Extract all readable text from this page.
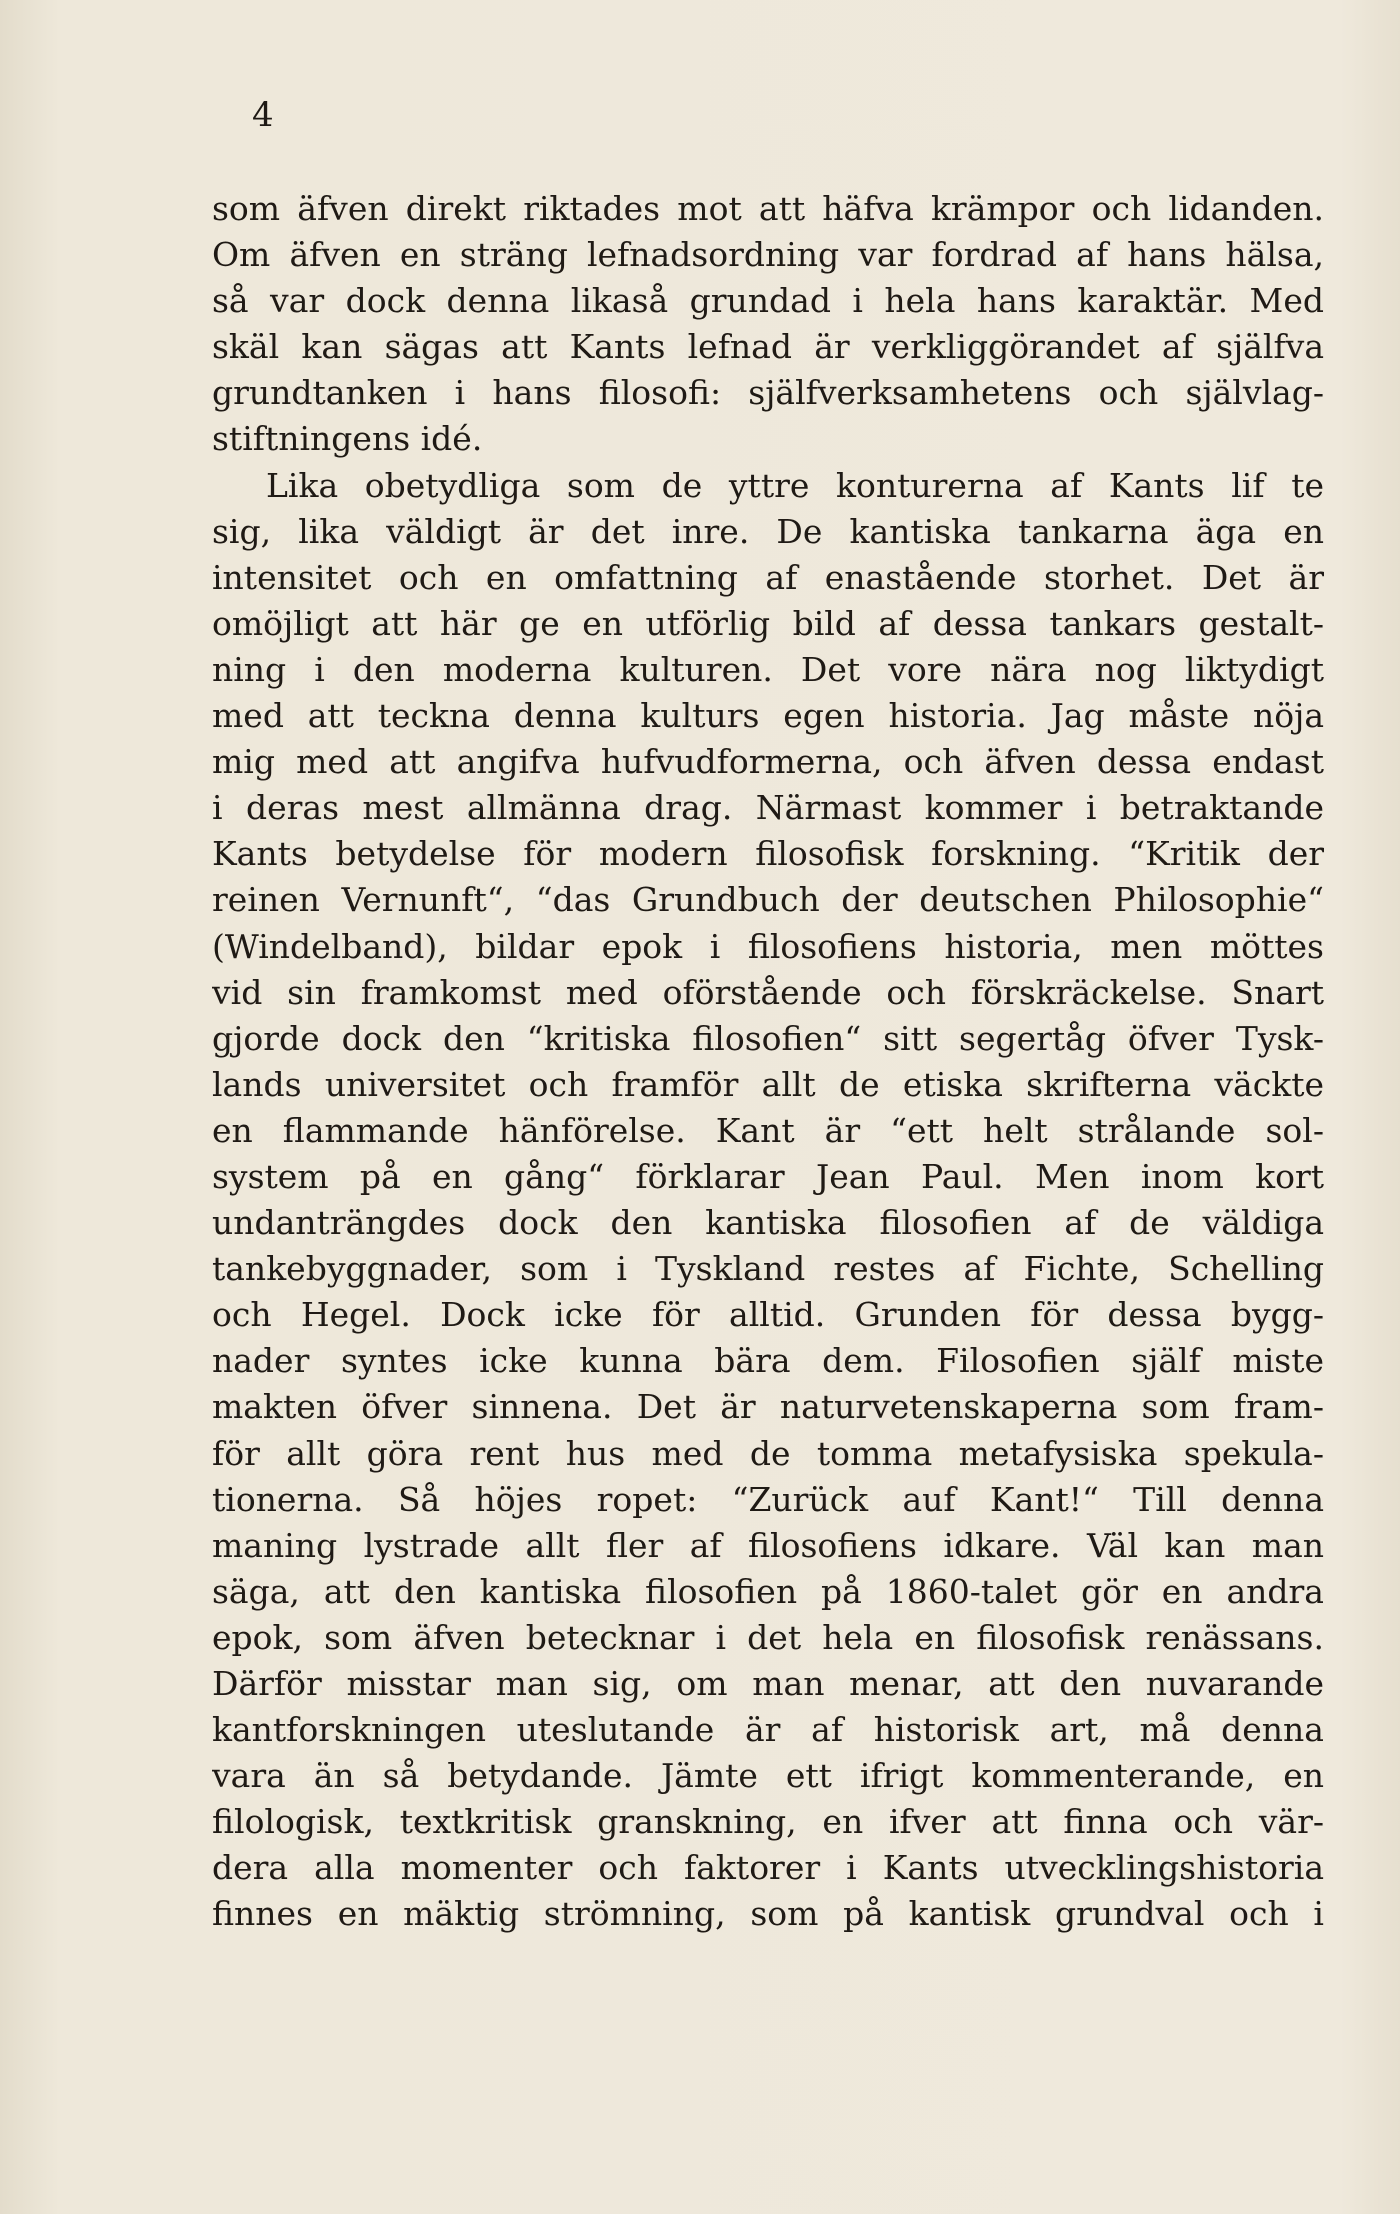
4
som äfven direkt riktades mot att häfva krämpor och lidanden.
Om äfven en sträng lefnadsordning var fordrad af hans hälsa,
så var dock denna likaså grundad i hela hans karaktär. Med
skäl kan sägas att Kants lefnad är verkliggörandet af själfva
grundtanken i hans filosofi: själfverksamhetens och självlag-
stiftningens idé.
Lika obetydliga som de yttre konturerna af Kants lif te
sig, lika väldigt är det inre. De kantiska tankarna äga en
intensitet och en omfattning af enastående storhet. Det är
omöjligt att här ge en utförlig bild af dessa tankars gestalt-
ning i den moderna kulturen. Det vore nära nog liktydigt
med att teckna denna kulturs egen historia. Jag måste nöja
mig med att angifva hufvudformerna, och äfven dessa endast
i deras mest allmänna drag. Närmast kommer i betraktande
Kants betydelse för modern filosofisk forskning. “Kritik der
reinen Vernunft“, “das Grundbuch der deutschen Philosophie“
(Windelband), bildar epok i filosofiens historia, men möttes
vid sin framkomst med oförstående och förskräckelse. Snart
gjorde dock den “kritiska filosofien“ sitt segertåg öfver Tysk-
lands universitet och framför allt de etiska skrifterna väckte
en flammande hänförelse. Kant är “ett helt strålande sol-
system på en gång“ förklarar Jean Paul. Men inom kort
undanträngdes dock den kantiska filosofien af de väldiga
tankebyggnader, som i Tyskland restes af Fichte, Schelling
och Hegel. Dock icke för alltid. Grunden för dessa bygg-
nader syntes icke kunna bära dem. Filosofien själf miste
makten öfver sinnena. Det är naturvetenskaperna som fram-
för allt göra rent hus med de tomma metafysiska spekula-
tionerna. Så höjes ropet: “Zurück auf Kant!“ Till denna
maning lystrade allt fler af filosofiens idkare. Väl kan man
säga, att den kantiska filosofien på 1860-talet gör en andra
epok, som äfven betecknar i det hela en filosofisk renässans.
Därför misstar man sig, om man menar, att den nuvarande
kantforskningen uteslutande är af historisk art, må denna
vara än så betydande. Jämte ett ifrigt kommenterande, en
filologisk, textkritisk granskning, en ifver att finna och vär-
dera alla momenter och faktorer i Kants utvecklingshistoria
finnes en mäktig strömning, som på kantisk grundval och i
